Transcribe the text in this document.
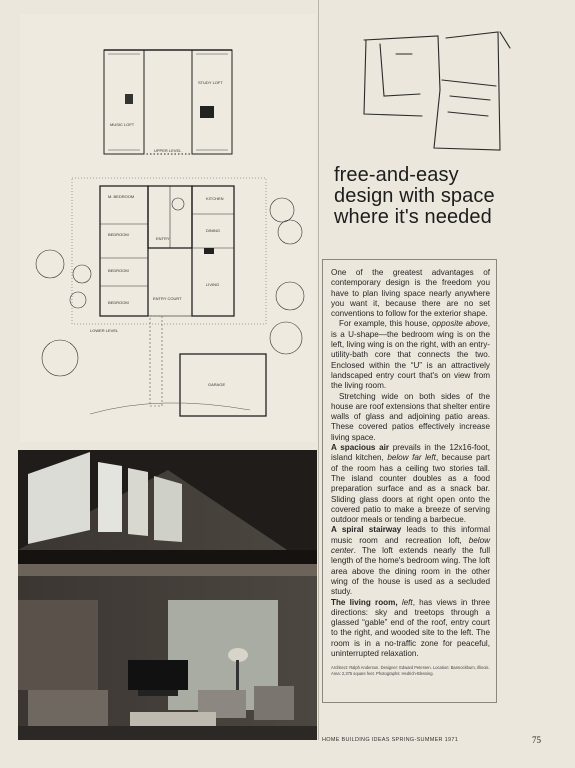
MUSIC LOFT
STUDY LOFT
UPPER LEVEL
M. BEDROOM	KITCHEN
BEDROOM
DINING
BEDROOM
ENTRY
LIVING
BEDROOM
ENTRY COURT
LOWER LEVEL
GARAGE
free-and-easy
design with space
where it's needed

One of the greatest advantages of contemporary design is the freedom you have to plan living space nearly anywhere you want it, because there are no set conventions to follow for the exterior shape.

For example, this house, opposite above, is a U-shape—the bedroom wing is on the left, living wing is on the right, with an entry-utility-bath core that connects the two. Enclosed within the “U” is an attractively landscaped entry court that's on view from the living room.

Stretching wide on both sides of the house are roof extensions that shelter entire walls of glass and adjoining patio areas. These covered patios effectively increase living space.

A spacious air prevails in the 12x16-foot, island kitchen, below far left, because part of the room has a ceiling two stories tall. The island counter doubles as a food preparation surface and as a snack bar. Sliding glass doors at right open onto the covered patio to make a breeze of serving outdoor meals or tending a barbecue.

A spiral stairway leads to this informal music room and recreation loft, below center. The loft extends nearly the full length of the home's bedroom wing. The loft area above the dining room in the other wing of the house is used as a secluded study.

The living room, left, has views in three directions: sky and treetops through a glassed “gable” end of the roof, entry court to the right, and wooded site to the left. The room is in a no-traffic zone for peaceful, uninterrupted relaxation.

Architect: Ralph Anderson. Designer: Edward Petersen. Location: Bannockburn, Illinois. Area: 2,375 square feet. Photographs: Hedrich-Blessing.
HOME BUILDING IDEAS SPRING-SUMMER 1971	75
